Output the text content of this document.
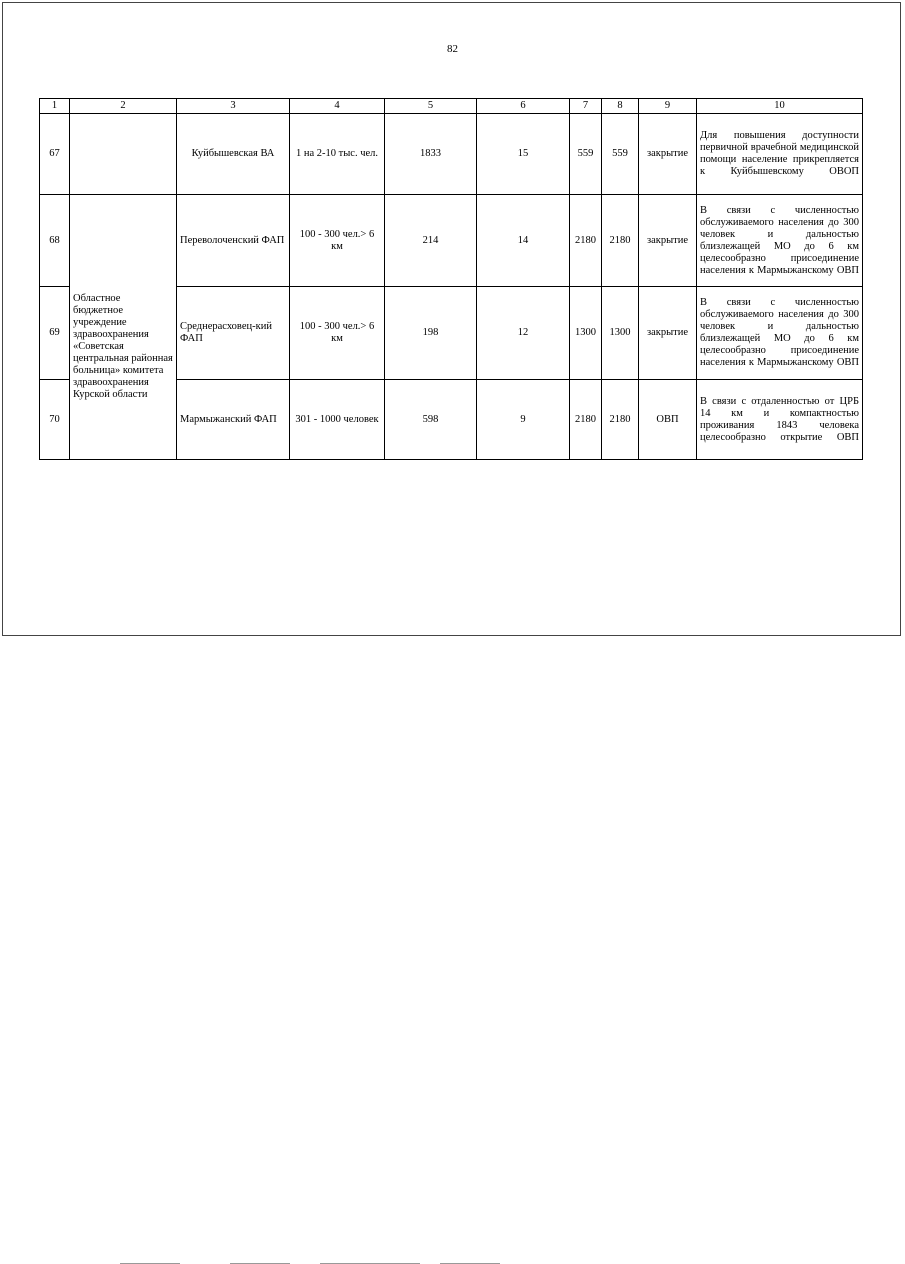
82
1	2	3	4	5	6	7	8	9	10
67		Куйбышевская ВА	1 на 2-10 тыс. чел.	1833	15	559	559	закрытие	Для повышения доступности первичной врачебной медицинской помощи население прикрепляется к Куйбышевскому ОВОП
68	Областное бюджетное учреждение здравоохранения «Советская центральная районная больница» комитета здравоохранения Курской области	Переволоченский ФАП	100 - 300 чел.> 6 км	214	14	2180	2180	закрытие	В связи с численностью обслуживаемого населения до 300 человек и дальностью близлежащей МО до 6 км целесообразно присоединение населения к Мармыжанскому ОВП
69		Среднерасховец-кий ФАП	100 - 300 чел.> 6 км	198	12	1300	1300	закрытие	В связи с численностью обслуживаемого населения до 300 человек и дальностью близлежащей МО до 6 км целесообразно присоединение населения к Мармыжанскому ОВП
70		Мармыжанский ФАП	301 - 1000 человек	598	9	2180	2180	ОВП	В связи с отдаленностью от ЦРБ 14 км и компактностью проживания 1843 человека целесообразно открытие ОВП
